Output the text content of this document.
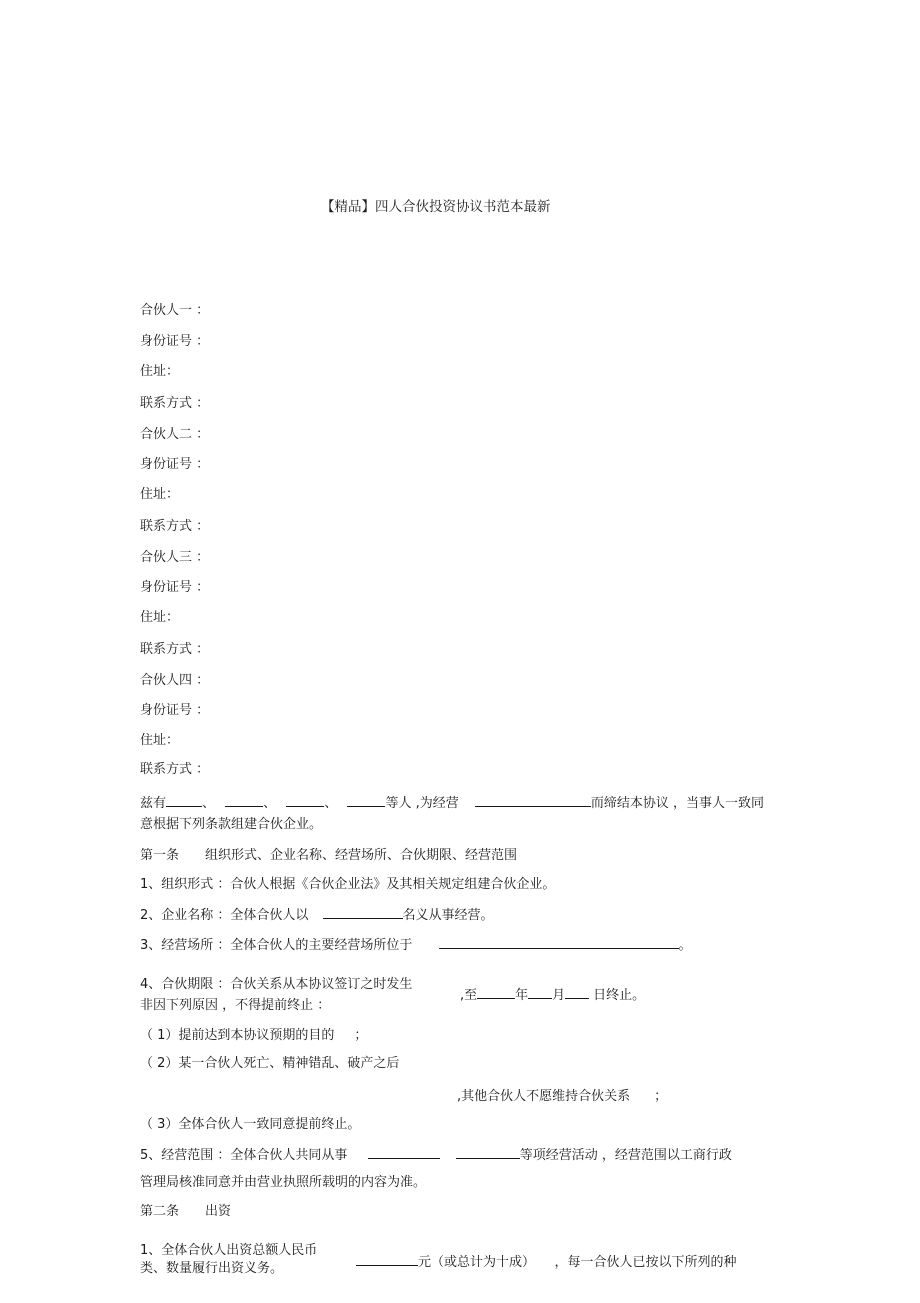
【精品】四人合伙投资协议书范本最新
合伙人一 ：
身份证号 ：
住址：
联系方式 ：
合伙人二 ：
身份证号 ：
住址：
联系方式 ：
合伙人三 ：
身份证号 ：
住址：
联系方式 ：
合伙人四 ：
身份证号 ：
住址：
联系方式 ：
兹有	、	、	、	等人 ,为经营	而缔结本协议 ，当事人一致同
意根据下列条款组建合伙企业。
第一条 组织形式、企业名称、经营场所、合伙期限、经营范围
1、组织形式 ：合伙人根据《合伙企业法》及其相关规定组建合伙企业。
2、企业名称 ：全体合伙人以	名义从事经营。
3、经营场所 ：全体合伙人的主要经营场所位于	。
4、合伙期限 ：合伙关系从本协议签订之时发生
非因下列原因 ，不得提前终止 ：
,至	年 月 日终止。
（ 1）提前达到本协议预期的目的 ；
（ 2）某一合伙人死亡、精神错乱、破产之后
,其他合伙人不愿维持合伙关系 ；
（ 3）全体合伙人一致同意提前终止。
5、经营范围 ：全体合伙人共同从事	等项经营活动 ，经营范围以工商行政
管理局核准同意并由营业执照所载明的内容为准。
第二条 出资
1、全体合伙人出资总额人民币
类、数量履行出资义务。	元（或总计为十成） ，每一合伙人已按以下所列的种
